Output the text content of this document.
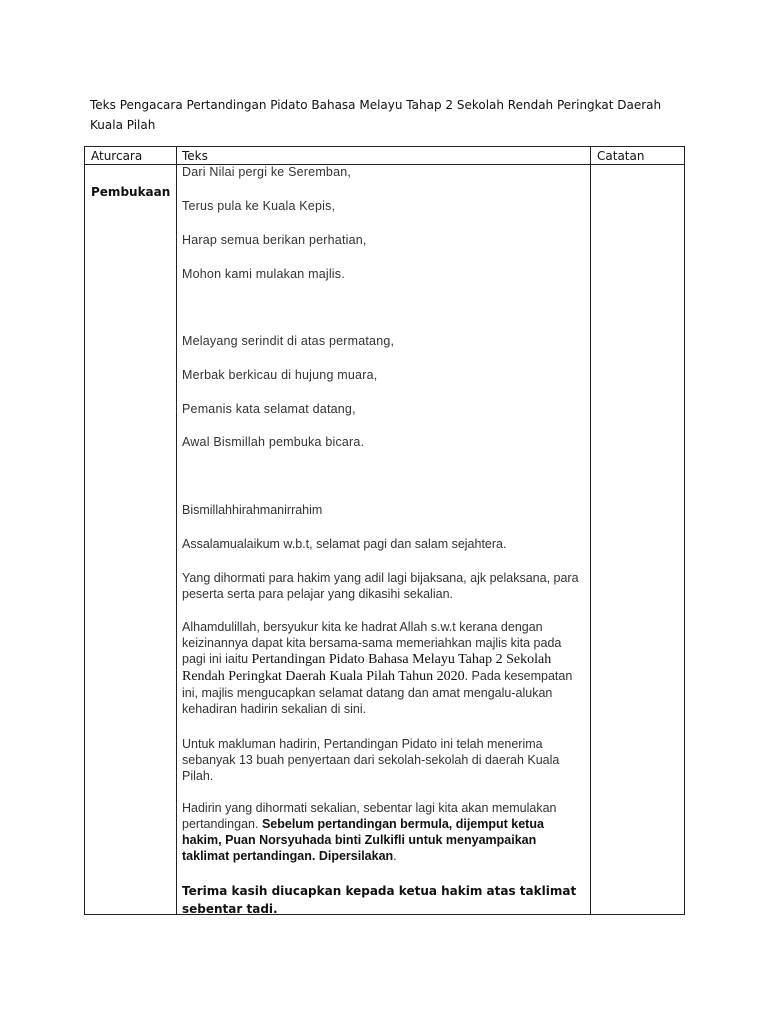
Teks Pengacara Pertandingan Pidato Bahasa Melayu Tahap 2 Sekolah Rendah Peringkat Daerah Kuala Pilah
Aturcara	Teks	Catatan
Pembukaan

Dari Nilai pergi ke Seremban,

Terus pula ke Kuala Kepis,

Harap semua berikan perhatian,

Mohon kami mulakan majlis.

Melayang serindit di atas permatang,

Merbak berkicau di hujung muara,

Pemanis kata selamat datang,

Awal Bismillah pembuka bicara.

Bismillahhirahmanirrahim

Assalamualaikum w.b.t, selamat pagi dan salam sejahtera.

Yang dihormati para hakim yang adil lagi bijaksana, ajk pelaksana, para peserta serta para pelajar yang dikasihi sekalian.

Alhamdulillah, bersyukur kita ke hadrat Allah s.w.t kerana dengan keizinannya dapat kita bersama-sama memeriahkan majlis kita pada pagi ini iaitu Pertandingan Pidato Bahasa Melayu Tahap 2 Sekolah Rendah Peringkat Daerah Kuala Pilah Tahun 2020. Pada kesempatan ini, majlis mengucapkan selamat datang dan amat mengalu-alukan kehadiran hadirin sekalian di sini.

Untuk makluman hadirin, Pertandingan Pidato ini telah menerima sebanyak 13 buah penyertaan dari sekolah-sekolah di daerah Kuala Pilah.

Hadirin yang dihormati sekalian, sebentar lagi kita akan memulakan pertandingan. Sebelum pertandingan bermula, dijemput ketua hakim, Puan Norsyuhada binti Zulkifli untuk menyampaikan taklimat pertandingan. Dipersilakan.

Terima kasih diucapkan kepada ketua hakim atas taklimat sebentar tadi.
